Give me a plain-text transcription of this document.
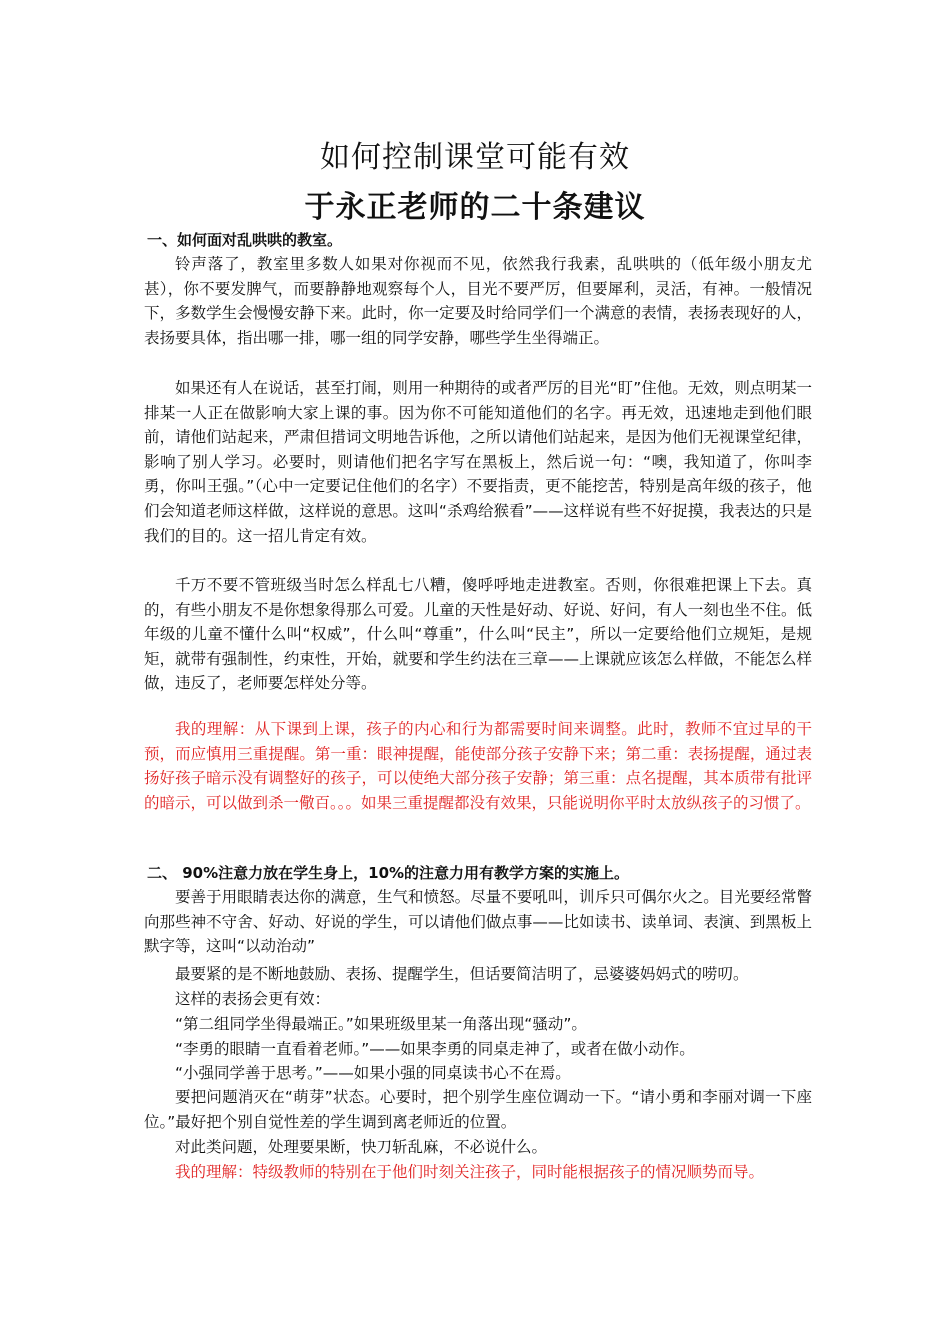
如何控制课堂可能有效
于永正老师的二十条建议
一、如何面对乱哄哄的教室。
铃声落了，教室里多数人如果对你视而不见，依然我行我素，乱哄哄的（低年级小朋友尤甚），你不要发脾气，而要静静地观察每个人，目光不要严厉，但要犀利，灵活，有神。一般情况下，多数学生会慢慢安静下来。此时，你一定要及时给同学们一个满意的表情，表扬表现好的人，表扬要具体，指出哪一排，哪一组的同学安静，哪些学生坐得端正。
如果还有人在说话，甚至打闹，则用一种期待的或者严厉的目光“盯”住他。无效，则点明某一排某一人正在做影响大家上课的事。因为你不可能知道他们的名字。再无效，迅速地走到他们眼前，请他们站起来，严肃但措词文明地告诉他，之所以请他们站起来，是因为他们无视课堂纪律，影响了别人学习。必要时，则请他们把名字写在黑板上，然后说一句：“噢，我知道了，你叫李勇，你叫王强。”（心中一定要记住他们的名字）不要指责，更不能挖苦，特别是高年级的孩子，他们会知道老师这样做，这样说的意思。这叫“杀鸡给猴看”——这样说有些不好捉摸，我表达的只是我们的目的。这一招儿肯定有效。
千万不要不管班级当时怎么样乱七八糟，傻呼呼地走进教室。否则，你很难把课上下去。真的，有些小朋友不是你想象得那么可爱。儿童的天性是好动、好说、好问，有人一刻也坐不住。低年级的儿童不懂什么叫“权威”，什么叫“尊重”，什么叫“民主”，所以一定要给他们立规矩，是规矩，就带有强制性，约束性，开始，就要和学生约法在三章——上课就应该怎么样做，不能怎么样做，违反了，老师要怎样处分等。
我的理解：从下课到上课，孩子的内心和行为都需要时间来调整。此时，教师不宜过早的干预，而应慎用三重提醒。第一重：眼神提醒，能使部分孩子安静下来；第二重：表扬提醒，通过表扬好孩子暗示没有调整好的孩子，可以使绝大部分孩子安静；第三重：点名提醒，其本质带有批评的暗示，可以做到杀一儆百。。。如果三重提醒都没有效果，只能说明你平时太放纵孩子的习惯了。
二、 90%注意力放在学生身上，10%的注意力用有教学方案的实施上。
要善于用眼睛表达你的满意，生气和愤怒。尽量不要吼叫，训斥只可偶尔火之。目光要经常瞥向那些神不守舍、好动、好说的学生，可以请他们做点事——比如读书、读单词、表演、到黑板上默字等，这叫“以动治动”
最要紧的是不断地鼓励、表扬、提醒学生，但话要简洁明了，忌婆婆妈妈式的唠叨。
这样的表扬会更有效：
“第二组同学坐得最端正。”如果班级里某一角落出现“骚动”。
“李勇的眼睛一直看着老师。”——如果李勇的同桌走神了，或者在做小动作。
“小强同学善于思考。”——如果小强的同桌读书心不在焉。
要把问题消灭在“萌芽”状态。心要时，把个别学生座位调动一下。“请小勇和李丽对调一下座位。”最好把个别自觉性差的学生调到离老师近的位置。
对此类问题，处理要果断，快刀斩乱麻，不必说什么。
我的理解：特级教师的特别在于他们时刻关注孩子，同时能根据孩子的情况顺势而导。
